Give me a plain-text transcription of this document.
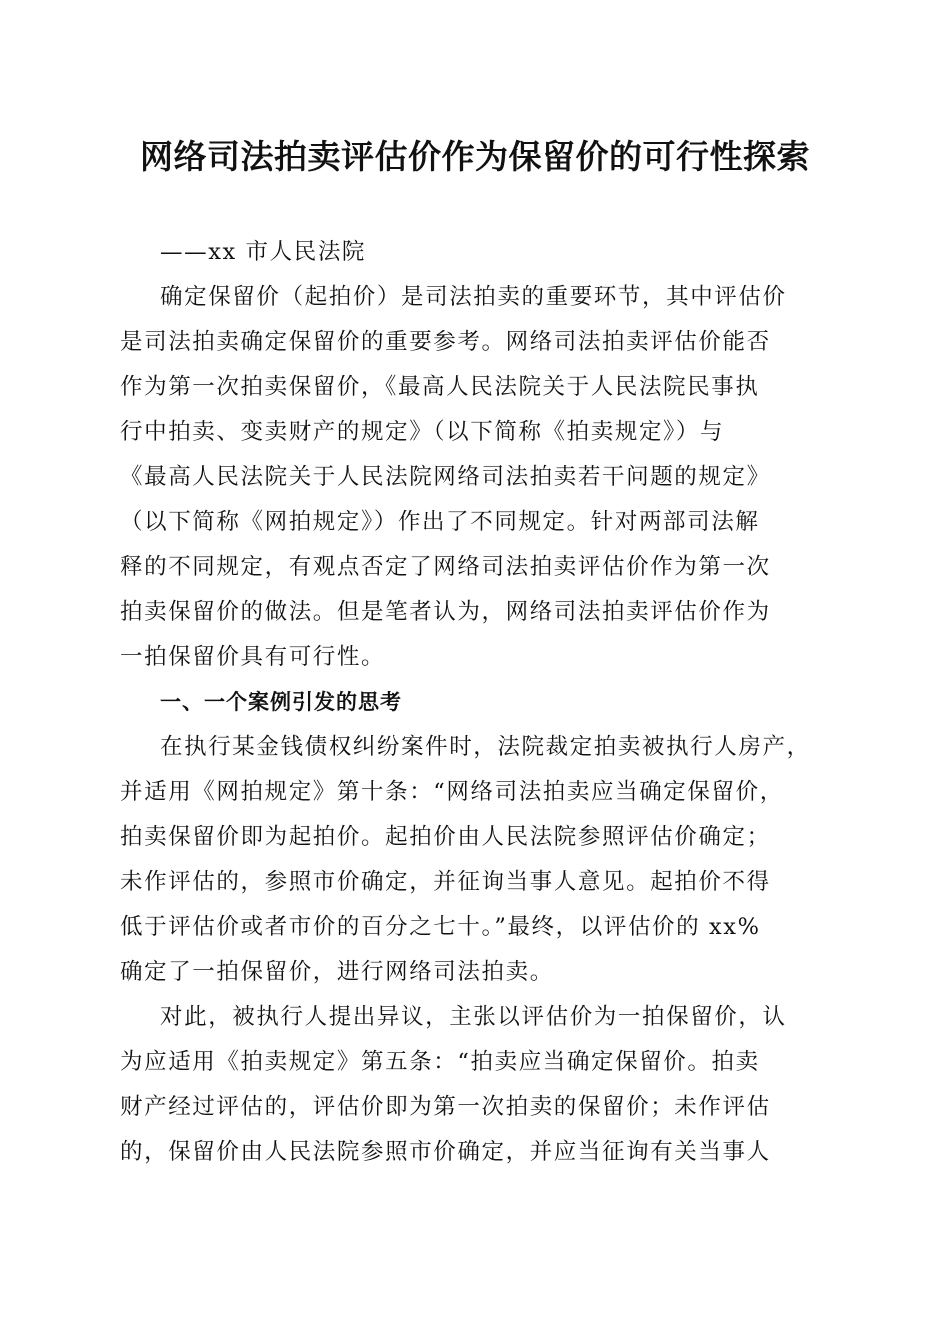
网络司法拍卖评估价作为保留价的可行性探索
——xx 市人民法院
确定保留价（起拍价）是司法拍卖的重要环节，其中评估价
是司法拍卖确定保留价的重要参考。网络司法拍卖评估价能否
作为第一次拍卖保留价，《最高人民法院关于人民法院民事执
行中拍卖、变卖财产的规定》（以下简称《拍卖规定》）与
《最高人民法院关于人民法院网络司法拍卖若干问题的规定》
（以下简称《网拍规定》）作出了不同规定。针对两部司法解
释的不同规定，有观点否定了网络司法拍卖评估价作为第一次
拍卖保留价的做法。但是笔者认为，网络司法拍卖评估价作为
一拍保留价具有可行性。
一、一个案例引发的思考
在执行某金钱债权纠纷案件时，法院裁定拍卖被执行人房产，
并适用《网拍规定》第十条：“网络司法拍卖应当确定保留价，
拍卖保留价即为起拍价。起拍价由人民法院参照评估价确定；
未作评估的，参照市价确定，并征询当事人意见。起拍价不得
低于评估价或者市价的百分之七十。”最终，以评估价的 xx%
确定了一拍保留价，进行网络司法拍卖。
对此，被执行人提出异议，主张以评估价为一拍保留价，认
为应适用《拍卖规定》第五条：“拍卖应当确定保留价。拍卖
财产经过评估的，评估价即为第一次拍卖的保留价；未作评估
的，保留价由人民法院参照市价确定，并应当征询有关当事人
